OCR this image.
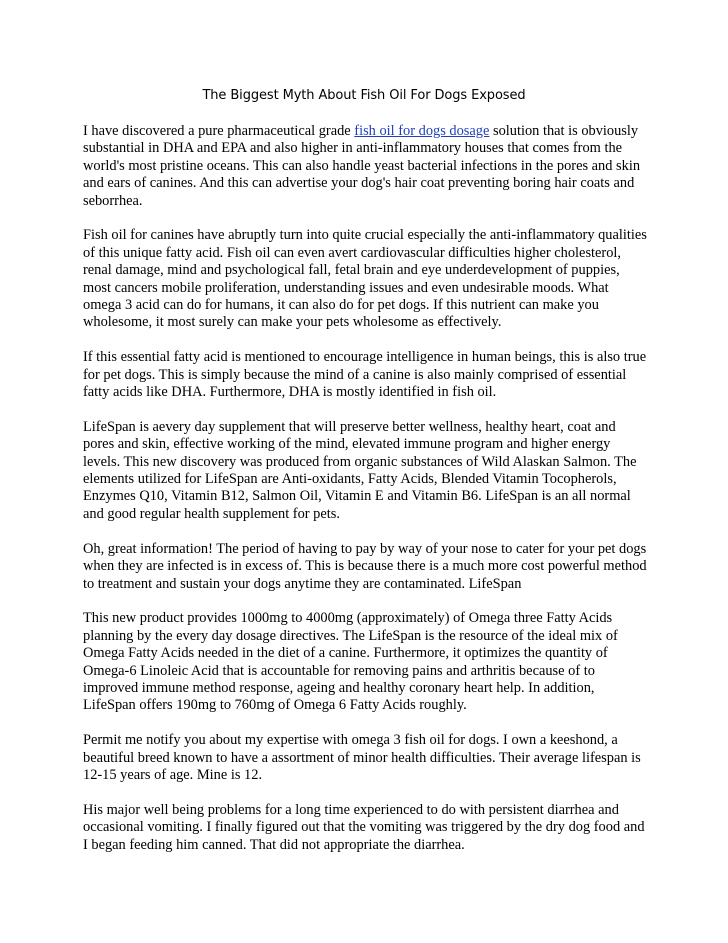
The Biggest Myth About Fish Oil For Dogs Exposed

I have discovered a pure pharmaceutical grade fish oil for dogs dosage solution that is obviously substantial in DHA and EPA and also higher in anti-inflammatory houses that comes from the world's most pristine oceans. This can also handle yeast bacterial infections in the pores and skin and ears of canines. And this can advertise your dog's hair coat preventing boring hair coats and seborrhea.

Fish oil for canines have abruptly turn into quite crucial especially the anti-inflammatory qualities of this unique fatty acid. Fish oil can even avert cardiovascular difficulties higher cholesterol, renal damage, mind and psychological fall, fetal brain and eye underdevelopment of puppies, most cancers mobile proliferation, understanding issues and even undesirable moods. What omega 3 acid can do for humans, it can also do for pet dogs. If this nutrient can make you wholesome, it most surely can make your pets wholesome as effectively.

If this essential fatty acid is mentioned to encourage intelligence in human beings, this is also true for pet dogs. This is simply because the mind of a canine is also mainly comprised of essential fatty acids like DHA. Furthermore, DHA is mostly identified in fish oil.

LifeSpan is aevery day supplement that will preserve better wellness, healthy heart, coat and pores and skin, effective working of the mind, elevated immune program and higher energy levels. This new discovery was produced from organic substances of Wild Alaskan Salmon. The elements utilized for LifeSpan are Anti-oxidants, Fatty Acids, Blended Vitamin Tocopherols, Enzymes Q10, Vitamin B12, Salmon Oil, Vitamin E and Vitamin B6. LifeSpan is an all normal and good regular health supplement for pets.

Oh, great information! The period of having to pay by way of your nose to cater for your pet dogs when they are infected is in excess of. This is because there is a much more cost powerful method to treatment and sustain your dogs anytime they are contaminated. LifeSpan

This new product provides 1000mg to 4000mg (approximately) of Omega three Fatty Acids planning by the every day dosage directives. The LifeSpan is the resource of the ideal mix of Omega Fatty Acids needed in the diet of a canine. Furthermore, it optimizes the quantity of Omega-6 Linoleic Acid that is accountable for removing pains and arthritis because of to improved immune method response, ageing and healthy coronary heart help. In addition, LifeSpan offers 190mg to 760mg of Omega 6 Fatty Acids roughly.

Permit me notify you about my expertise with omega 3 fish oil for dogs. I own a keeshond, a beautiful breed known to have a assortment of minor health difficulties. Their average lifespan is 12-15 years of age. Mine is 12.

His major well being problems for a long time experienced to do with persistent diarrhea and occasional vomiting. I finally figured out that the vomiting was triggered by the dry dog food and I began feeding him canned. That did not appropriate the diarrhea.
